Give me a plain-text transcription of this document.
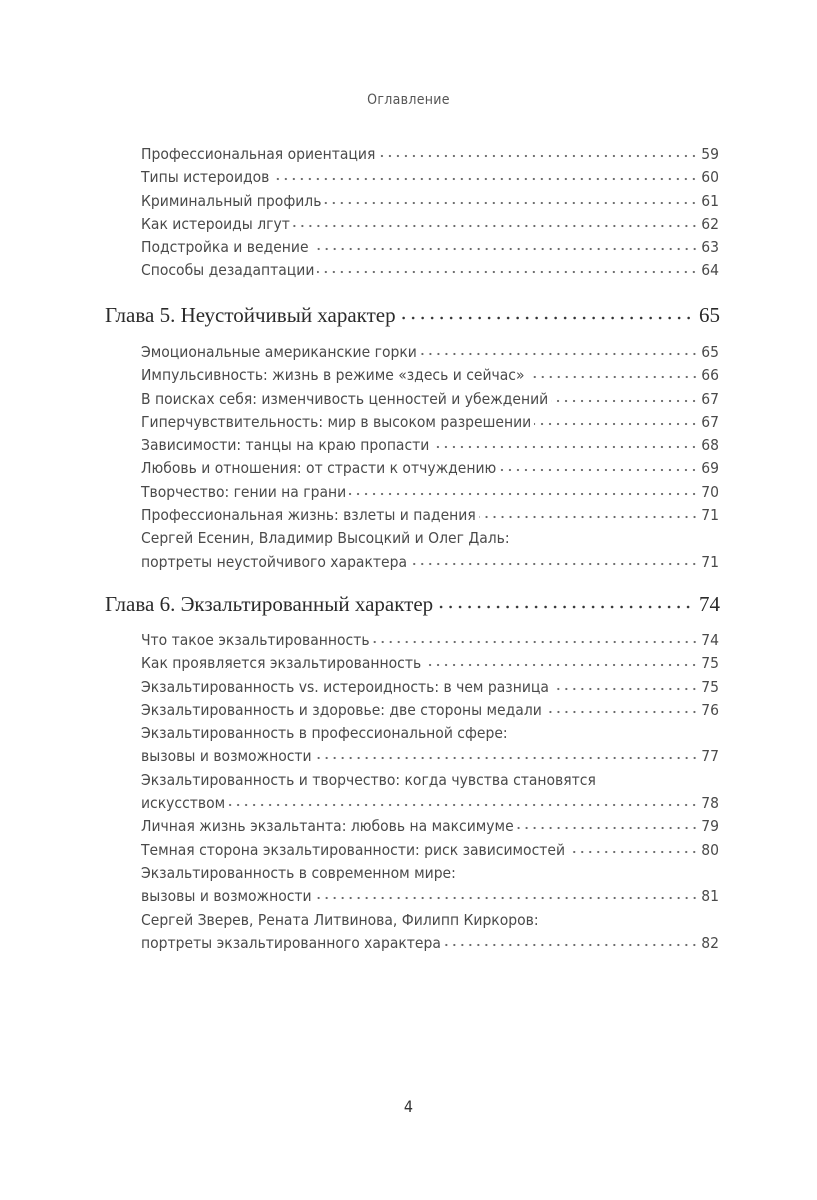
Оглавление
Профессиональная ориентация	59
Типы истероидов	60
Криминальный профиль	61
Как истероиды лгут	62
Подстройка и ведение	63
Способы дезадаптации	64
Глава 5. Неустойчивый характер	65
Эмоциональные американские горки	65
Импульсивность: жизнь в режиме «здесь и сейчас»	66
В поисках себя: изменчивость ценностей и убеждений	67
Гиперчувствительность: мир в высоком разрешении	67
Зависимости: танцы на краю пропасти	68
Любовь и отношения: от страсти к отчуждению	69
Творчество: гении на грани	70
Профессиональная жизнь: взлеты и падения	71
Сергей Есенин, Владимир Высоцкий и Олег Даль:
портреты неустойчивого характера	71
Глава 6. Экзальтированный характер	74
Что такое экзальтированность	74
Как проявляется экзальтированность	75
Экзальтированность vs. истероидность: в чем разница	75
Экзальтированность и здоровье: две стороны медали	76
Экзальтированность в профессиональной сфере:
вызовы и возможности	77
Экзальтированность и творчество: когда чувства становятся
искусством	78
Личная жизнь экзальтанта: любовь на максимуме	79
Темная сторона экзальтированности: риск зависимостей	80
Экзальтированность в современном мире:
вызовы и возможности	81
Сергей Зверев, Рената Литвинова, Филипп Киркоров:
портреты экзальтированного характера	82
4
